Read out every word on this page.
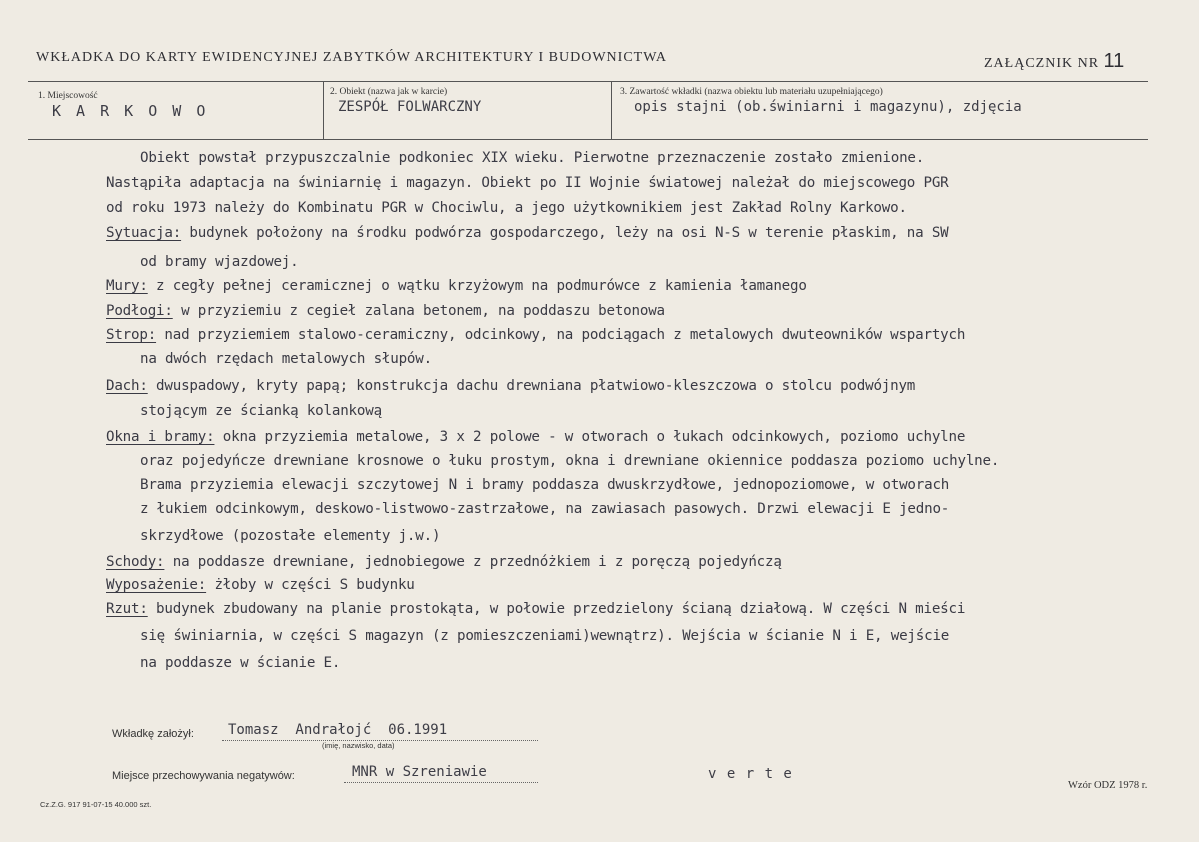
WKŁADKA DO KARTY EWIDENCYJNEJ ZABYTKÓW ARCHITEKTURY I BUDOWNICTWA	ZAŁĄCZNIK NR 11
1. Miejscowość
K A R K O W O
2. Obiekt (nazwa jak w karcie)
ZESPÓŁ FOLWARCZNY
3. Zawartość wkładki (nazwa obiektu lub materiału uzupełniającego)
opis stajni (ob.świniarni i magazynu), zdjęcia
Obiekt powstał przypuszczalnie podkoniec XIX wieku. Pierwotne przeznaczenie zostało zmienione.
Nastąpiła adaptacja na świniarnię i magazyn. Obiekt po II Wojnie światowej należał do miejscowego PGR
od roku 1973 należy do Kombinatu PGR w Chociwlu, a jego użytkownikiem jest Zakład Rolny Karkowo.
Sytuacja: budynek położony na środku podwórza gospodarczego, leży na osi N-S w terenie płaskim, na SW
od bramy wjazdowej.
Mury: z cegły pełnej ceramicznej o wątku krzyżowym na podmurówce z kamienia łamanego
Podłogi: w przyziemiu z cegieł zalana betonem, na poddaszu betonowa
Strop: nad przyziemiem stalowo-ceramiczny, odcinkowy, na podciągach z metalowych dwuteowników wspartych
na dwóch rzędach metalowych słupów.
Dach: dwuspadowy, kryty papą; konstrukcja dachu drewniana płatwiowo-kleszczowa o stolcu podwójnym
stojącym ze ścianką kolankową
Okna i bramy: okna przyziemia metalowe, 3 x 2 polowe - w otworach o łukach odcinkowych, poziomo uchylne
oraz pojedyńcze drewniane krosnowe o łuku prostym, okna i drewniane okiennice poddasza poziomo uchylne.
Brama przyziemia elewacji szczytowej N i bramy poddasza dwuskrzydłowe, jednopoziomowe, w otworach
z łukiem odcinkowym, deskowo-listwowo-zastrzałowe, na zawiasach pasowych. Drzwi elewacji E jedno-
skrzydłowe (pozostałe elementy j.w.)
Schody: na poddasze drewniane, jednobiegowe z przednóżkiem i z poręczą pojedyńczą
Wyposażenie: żłoby w części S budynku
Rzut: budynek zbudowany na planie prostokąta, w połowie przedzielony ścianą działową. W części N mieści
się świniarnia, w części S magazyn (z pomieszczeniami)wewnątrz). Wejścia w ścianie N i E, wejście
na poddasze w ścianie E.
Wkładkę założył: Tomasz  Andrałojć  06.1991
(imię, nazwisko, data)
Miejsce przechowywania negatywów:	MNR w Szreniawie	v e r t e
Wzór ODZ 1978 r.
Cz.Z.G. 917 91-07-15 40.000 szt.
